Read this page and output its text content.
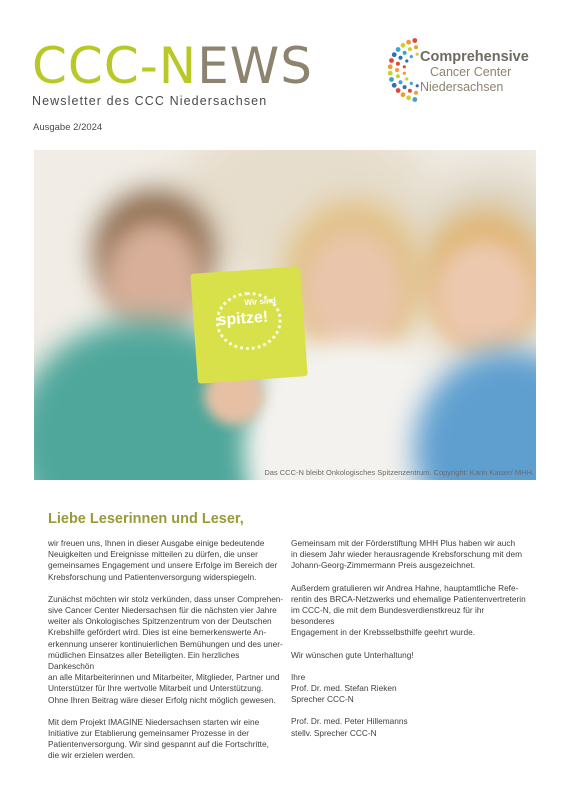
CCC-NEWS
Newsletter des CCC Niedersachsen
Ausgabe 2/2024
Comprehensive
Cancer Center
Niedersachsen
Wir sind
spitze!
Das CCC-N bleibt Onkologisches Spitzenzentrum. Copyright: Karin Kaiser/ MHH.
Liebe Leserinnen und Leser,

wir freuen uns, Ihnen in dieser Ausgabe einige bedeutende
Neuigkeiten und Ereignisse mitteilen zu dürfen, die unser
gemeinsames Engagement und unsere Erfolge im Bereich der
Krebsforschung und Patientenversorgung widerspiegeln.

Zunächst möchten wir stolz verkünden, dass unser Comprehen-
sive Cancer Center Niedersachsen für die nächsten vier Jahre
weiter als Onkologisches Spitzenzentrum von der Deutschen
Krebshilfe gefördert wird. Dies ist eine bemerkenswerte An-
erkennung unserer kontinuierlichen Bemühungen und des uner-
müdlichen Einsatzes aller Beteiligten. Ein herzliches Dankeschön
an alle Mitarbeiterinnen und Mitarbeiter, Mitglieder, Partner und
Unterstützer für Ihre wertvolle Mitarbeit und Unterstützung.
Ohne Ihren Beitrag wäre dieser Erfolg nicht möglich gewesen.

Mit dem Projekt IMAGINE Niedersachsen starten wir eine
Initiative zur Etablierung gemeinsamer Prozesse in der
Patientenversorgung. Wir sind gespannt auf die Fortschritte,
die wir erzielen werden.

Gemeinsam mit der Förderstiftung MHH Plus haben wir auch
in diesem Jahr wieder herausragende Krebsforschung mit dem
Johann-Georg-Zimmermann Preis ausgezeichnet.

Außerdem gratulieren wir Andrea Hahne, hauptamtliche Refe-
rentin des BRCA-Netzwerks und ehemalige Patientenvertreterin
im CCC-N, die mit dem Bundesverdienstkreuz für ihr besonderes
Engagement in der Krebsselbsthilfe geehrt wurde.

Wir wünschen gute Unterhaltung!

Ihre
Prof. Dr. med. Stefan Rieken
Sprecher CCC-N

Prof. Dr. med. Peter Hillemanns
stellv. Sprecher CCC-N
